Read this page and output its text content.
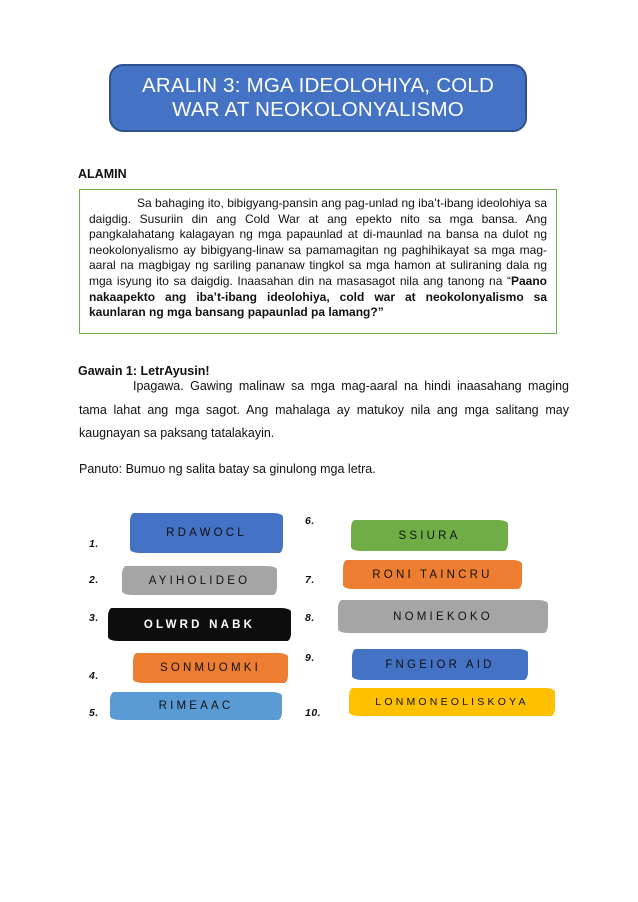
ARALIN 3: MGA IDEOLOHIYA, COLD
WAR AT NEOKOLONYALISMO
ALAMIN
Sa bahaging ito, bibigyang-pansin ang pag-unlad ng iba’t-ibang ideolohiya sa daigdig. Susuriin din ang Cold War at ang epekto nito sa mga bansa. Ang pangkalahatang kalagayan ng mga papaunlad at di-maunlad na bansa na dulot ng neokolonyalismo ay bibigyang-linaw sa pamamagitan ng paghihikayat sa mga mag-aaral na magbigay ng sariling pananaw tingkol sa mga hamon at suliraning dala ng mga isyung ito sa daigdig. Inaasahan din na masasagot nila ang tanong na “Paano nakaapekto ang iba’t-ibang ideolohiya, cold war at neokolonyalismo sa kaunlaran ng mga bansang papaunlad pa lamang?”
Gawain 1: LetrAyusin!
Ipagawa. Gawing malinaw sa mga mag-aaral na hindi inaasahang maging tama lahat ang mga sagot. Ang mahalaga ay matukoy nila ang mga salitang may kaugnayan sa paksang tatalakayin.
Panuto: Bumuo ng salita batay sa ginulong mga letra.
1.
2.
3.
4.
5.
6.
7.
8.
9.
10.
RDAWOCL
AYIHOLIDEO
OLWRD NABK
SONMUOMKI
RIMEAAC
SSIURA
RONI TAINCRU
NOMIEKOKO
FNGEIOR AID
LONMONEOLISKOYA
